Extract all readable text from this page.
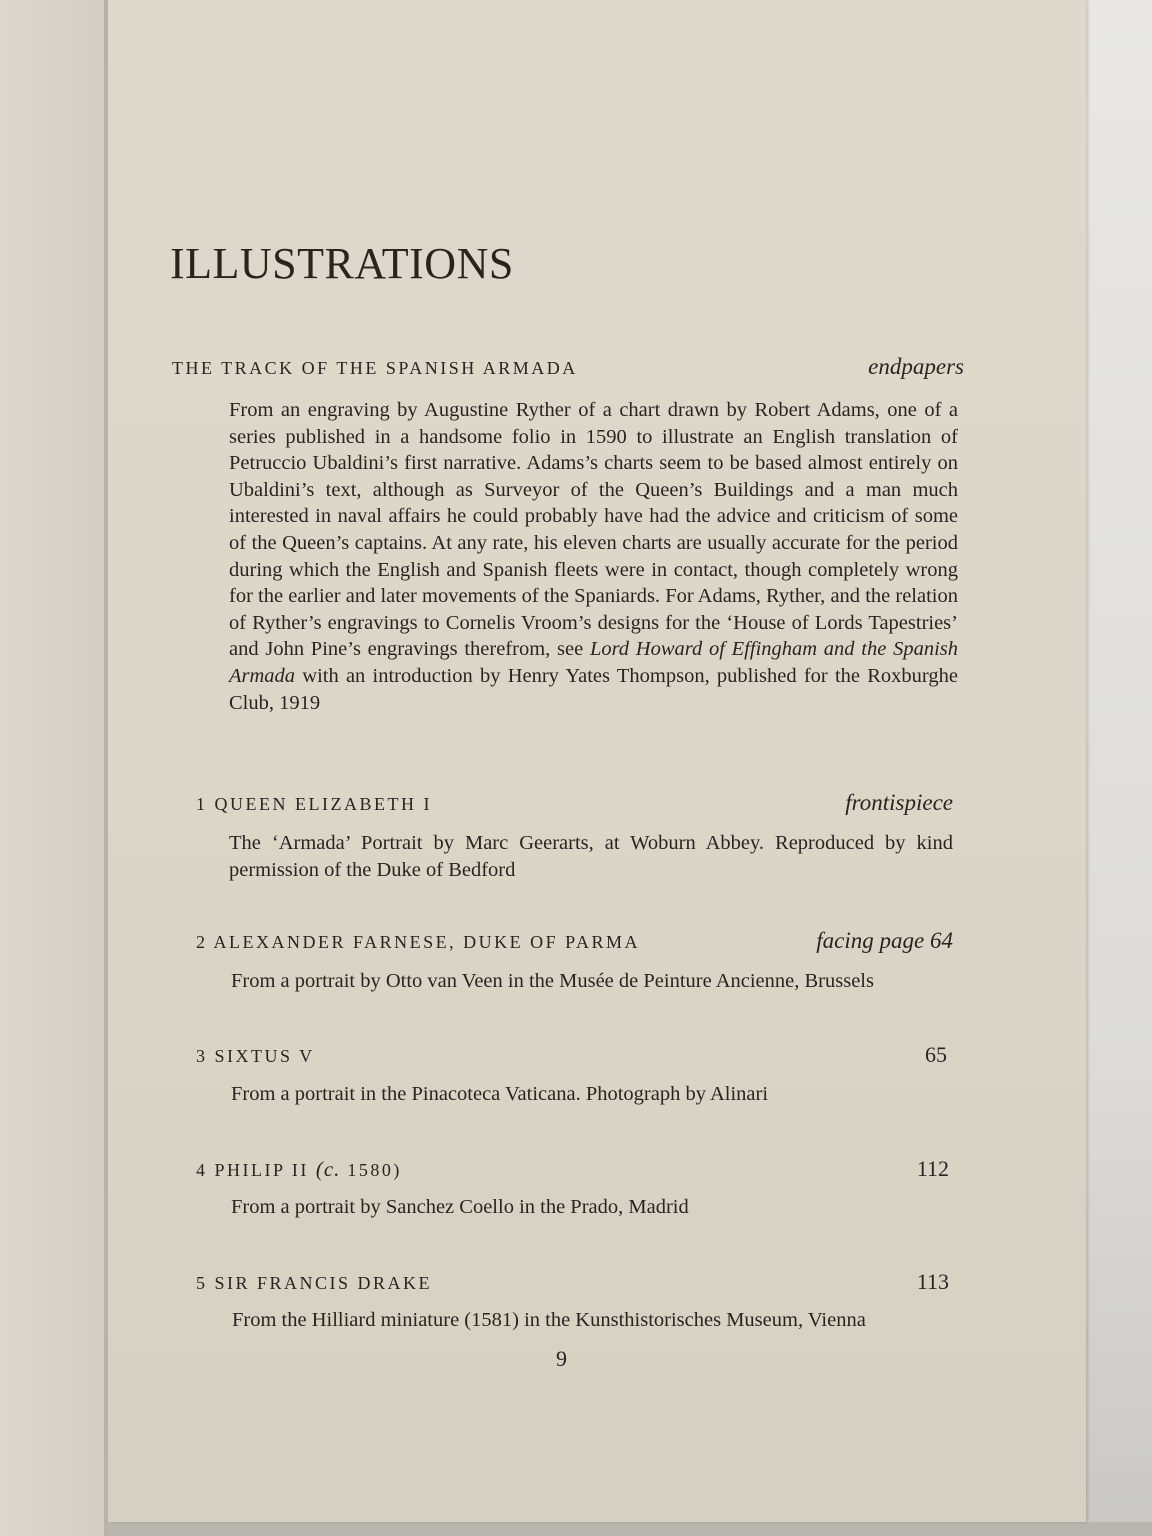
ILLUSTRATIONS
THE TRACK OF THE SPANISH ARMADA	endpapers
From an engraving by Augustine Ryther of a chart drawn by Robert Adams, one of a series published in a handsome folio in 1590 to illustrate an English translation of Petruccio Ubaldini’s first narrative. Adams’s charts seem to be based almost entirely on Ubaldini’s text, although as Surveyor of the Queen’s Buildings and a man much interested in naval affairs he could probably have had the advice and criticism of some of the Queen’s captains. At any rate, his eleven charts are usually accurate for the period during which the English and Spanish fleets were in contact, though completely wrong for the earlier and later movements of the Spaniards. For Adams, Ryther, and the relation of Ryther’s engravings to Cornelis Vroom’s designs for the ‘House of Lords Tapestries’ and John Pine’s engravings therefrom, see Lord Howard of Effingham and the Spanish Armada with an introduction by Henry Yates Thompson, published for the Roxburghe Club, 1919
1 QUEEN ELIZABETH I	frontispiece
The ‘Armada’ Portrait by Marc Geerarts, at Woburn Abbey. Reproduced by kind permission of the Duke of Bedford
2 ALEXANDER FARNESE, DUKE OF PARMA	facing page 64
From a portrait by Otto van Veen in the Musée de Peinture Ancienne, Brussels
3 SIXTUS V	65
From a portrait in the Pinacoteca Vaticana. Photograph by Alinari
4 PHILIP II (c. 1580)	112
From a portrait by Sanchez Coello in the Prado, Madrid
5 SIR FRANCIS DRAKE	113
From the Hilliard miniature (1581) in the Kunsthistorisches Museum, Vienna
9
